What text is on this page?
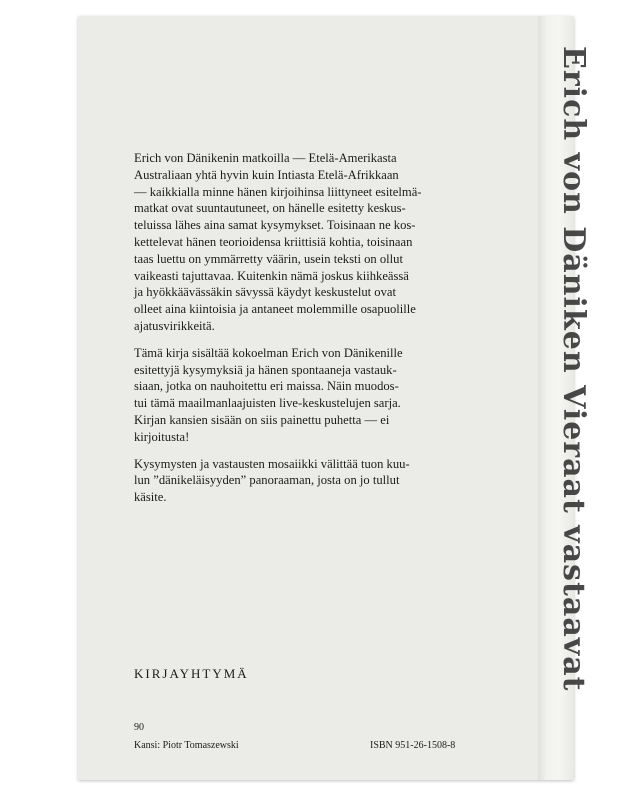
Erich von Däniken Vieraat vastaavat

Erich von Dänikenin matkoilla — Etelä-Amerikasta
Australiaan yhtä hyvin kuin Intiasta Etelä-Afrikkaan
— kaikkialla minne hänen kirjoihinsa liittyneet esitelmä-
matkat ovat suuntautuneet, on hänelle esitetty keskus-
teluissa lähes aina samat kysymykset. Toisinaan ne kos-
kettelevat hänen teorioidensa kriittisiä kohtia, toisinaan
taas luettu on ymmärretty väärin, usein teksti on ollut
vaikeasti tajuttavaa. Kuitenkin nämä joskus kiihkeässä
ja hyökkäävässäkin sävyssä käydyt keskustelut ovat
olleet aina kiintoisia ja antaneet molemmille osapuolille
ajatusvirikkeitä.

Tämä kirja sisältää kokoelman Erich von Dänikenille
esitettyjä kysymyksiä ja hänen spontaaneja vastauk-
siaan, jotka on nauhoitettu eri maissa. Näin muodos-
tui tämä maailmanlaajuisten live-keskustelujen sarja.
Kirjan kansien sisään on siis painettu puhetta — ei
kirjoitusta!

Kysymysten ja vastausten mosaiikki välittää tuon kuu-
lun ”dänikeläisyyden” panoraaman, josta on jo tullut
käsite.

KIRJAYHTYMÄ
90
Kansi: Piotr Tomaszewski	ISBN 951-26-1508-8
